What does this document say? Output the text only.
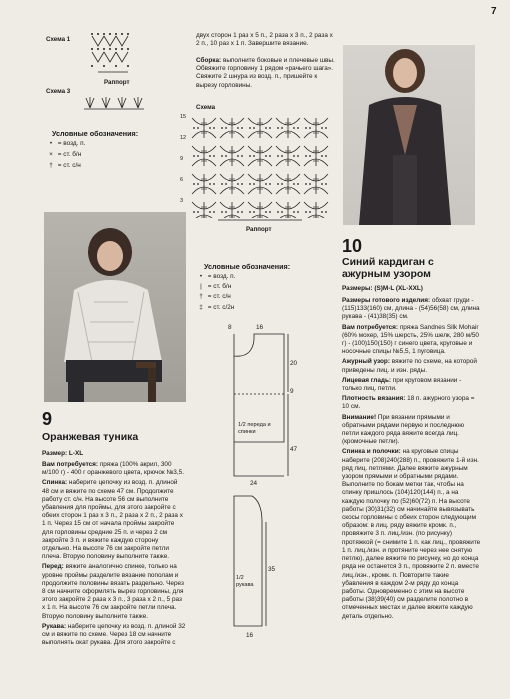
7
Схема 1
Раппорт
Схема 3
Условные обозначения:
• = возд. п.
× = ст. б/н
† = ст. с/н
двух сторон 1 раз х 5 п., 2 раза х 3 п., 2 раза х 2 п., 10 раз х 1 п. Завершите вязание.
Сборка: выполните боковые и плечевые швы. Обвяжите горловину 1 рядом «рачьего шага». Свяжите 2 шнура из возд. п., пришейте к вырезу горловины.
Схема
15
12
9
6
3
Раппорт
Условные обозначения:
• = возд. п.
| = ст. б/н
† = ст. с/н
‡ = ст. с/2н
9
Оранжевая туника
Размер: L-XL

Вам потребуется: пряжа (100% акрил, 300 м/100 г) - 400 г оранжевого цвета, крючок №3,5.

Спинка: наберите цепочку из возд. п. длиной 48 см и вяжите по схеме 47 см. Продолжите работу ст. с/н. На высоте 56 см выполните убавления для проймы, для этого закройте с обеих сторон 1 раз х 3 п., 2 раза х 2 п., 2 раза х 1 п. Через 15 см от начала проймы закройте для горловины средние 25 п. и через 2 см закройте 3 п. и вяжите каждую сторону отдельно. На высоте 76 см закройте петли плеча. Вторую половину выполните также.

Перед: вяжите аналогично спинке, только на уровне проймы разделите вязание пополам и продолжите половины вязать раздельно. Через 8 см начните оформлять вырез горловины, для этого закройте 2 раза х 3 п., 3 раза х 2 п., 5 раз х 1 п. На высоте 76 см закройте петли плеча. Вторую половину выполните также.

Рукава: наберите цепочку из возд. п. длиной 32 см и вяжите по схеме. Через 18 см начните выполнять окат рукава. Для этого закройте с

8	16
20
9
47
1/2 переда и спинки
24
35
1/2 рукава
16
10
Синий кардиган с ажурным узором
Размеры: (S)M-L (XL-XXL)

Размеры готового изделия: обхват груди - (115)133(160) см, длина - (54)56(58) см, длина рукава - (41)38(35) см.

Вам потребуется: пряжа Sandnes Silk Mohair (60% мохер, 15% шерсть, 25% шелк, 280 м/50 г) - (100)150(150) г синего цвета, круговые и носочные спицы №5,5, 1 пуговица.

Ажурный узор: вяжите по схеме, на которой приведены лиц. и изн. ряды.

Лицевая гладь: при круговом вязании - только лиц. петли.

Плотность вязания: 18 п. ажурного узора = 10 см.

Внимание! При вязании прямыми и обратными рядами первую и последнюю петли каждого ряда вяжите всегда лиц. (кромочные петли).

Спинка и полочки: на круговые спицы наберите (208)240(288) п., провяжите 1-й изн. ряд лиц. петлями. Далее вяжите ажурным узором прямыми и обратными рядами. Выполните по бокам метки так, чтобы на спинку пришлось (104)120(144) п., а на каждую полочку по (52)60(72) п. На высоте работы (30)31(32) см начинайте вывязывать скосы горловины с обеих сторон следующим образом: в лиц. ряду вяжите кромк. п., провяжите 3 п. лиц./изн. (по рисунку) протяжкой (= снимите 1 п. как лиц., провяжите 1 п. лиц./изн. и протяните через нее снятую петлю), далее вяжите по рисунку, но до конца ряда не останется 3 п., провяжите 2 п. вместе лиц./изн., кромк. п. Повторите такие убавления в каждом 2-м ряду до конца работы. Одновременно с этим на высоте работы (38)39(40) см разделите полотно в отмеченных местах и далее вяжите каждую деталь отдельно.
